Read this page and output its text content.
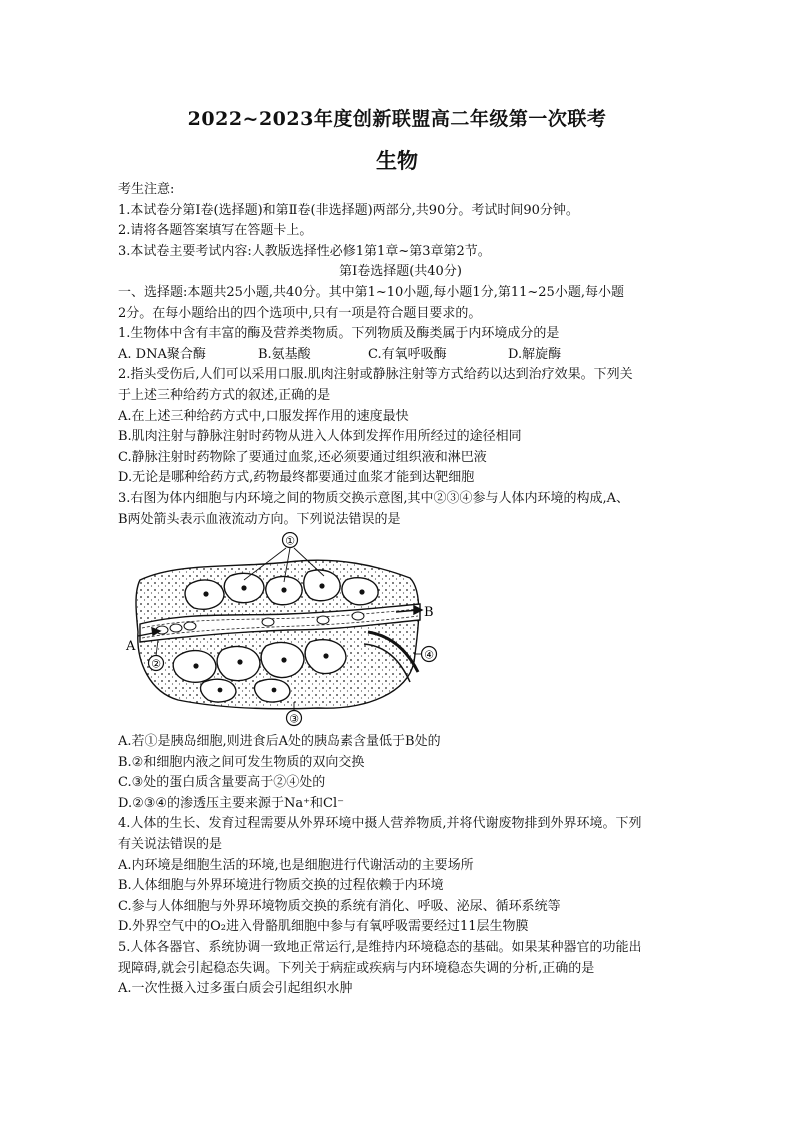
2022~2023年度创新联盟高二年级第一次联考
生物
考生注意:
1.本试卷分第Ⅰ卷(选择题)和第Ⅱ卷(非选择题)两部分,共90分。考试时间90分钟。
2.请将各题答案填写在答题卡上。
3.本试卷主要考试内容:人教版选择性必修1第1章~第3章第2节。
第Ⅰ卷选择题(共40分)
一、选择题:本题共25小题,共40分。其中第1~10小题,每小题1分,第11~25小题,每小题
2分。在每小题给出的四个选项中,只有一项是符合题目要求的。
1.生物体中含有丰富的酶及营养类物质。下列物质及酶类属于内环境成分的是
A. DNA聚合酶	B.氨基酸	C.有氧呼吸酶	D.解旋酶
2.指头受伤后,人们可以采用口服.肌肉注射或静脉注射等方式给药以达到治疗效果。下列关
于上述三种给药方式的叙述,正确的是
A.在上述三种给药方式中,口服发挥作用的速度最快
B.肌肉注射与静脉注射时药物从进入人体到发挥作用所经过的途径相同
C.静脉注射时药物除了要通过血浆,还必须要通过组织液和淋巴液
D.无论是哪种给药方式,药物最终都要通过血浆才能到达靶细胞
3.右图为体内细胞与内环境之间的物质交换示意图,其中②③④参与人体内环境的构成,A、
B两处箭头表示血液流动方向。下列说法错误的是
①
A
B
②
③
④
A.若①是胰岛细胞,则进食后A处的胰岛素含量低于B处的
B.②和细胞内液之间可发生物质的双向交换
C.③处的蛋白质含量要高于②④处的
D.②③④的渗透压主要来源于Na⁺和Cl⁻
4.人体的生长、发育过程需要从外界环境中摄人营养物质,并将代谢废物排到外界环境。下列
有关说法错误的是
A.内环境是细胞生活的环境,也是细胞进行代谢活动的主要场所
B.人体细胞与外界环境进行物质交换的过程依赖于内环境
C.参与人体细胞与外界环境物质交换的系统有消化、呼吸、泌尿、循环系统等
D.外界空气中的O₂进入骨骼肌细胞中参与有氧呼吸需要经过11层生物膜
5.人体各器官、系统协调一致地正常运行,是维持内环境稳态的基础。如果某种器官的功能出
现障碍,就会引起稳态失调。下列关于病症或疾病与内环境稳态失调的分析,正确的是
A.一次性摄入过多蛋白质会引起组织水肿
